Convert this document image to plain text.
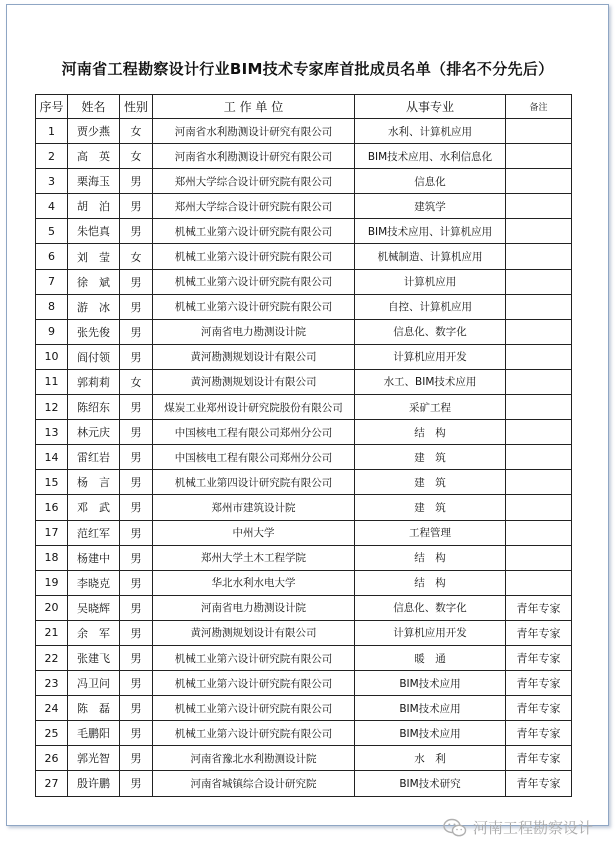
河南省工程勘察设计行业BIM技术专家库首批成员名单（排名不分先后）
序号	姓名	性别	工 作 单 位	从事专业	备注
1	贾少燕	女	河南省水利勘测设计研究有限公司	水利、计算机应用	
2	高　英	女	河南省水利勘测设计研究有限公司	BIM技术应用、水利信息化	
3	栗海玉	男	郑州大学综合设计研究院有限公司	信息化	
4	胡　泊	男	郑州大学综合设计研究院有限公司	建筑学	
5	朱恺真	男	机械工业第六设计研究院有限公司	BIM技术应用、计算机应用	
6	刘　莹	女	机械工业第六设计研究院有限公司	机械制造、计算机应用	
7	徐　斌	男	机械工业第六设计研究院有限公司	计算机应用	
8	游　冰	男	机械工业第六设计研究院有限公司	自控、计算机应用	
9	张先俊	男	河南省电力勘测设计院	信息化、数字化	
10	阎付领	男	黄河勘测规划设计有限公司	计算机应用开发	
11	郭莉莉	女	黄河勘测规划设计有限公司	水工、BIM技术应用	
12	陈绍东	男	煤炭工业郑州设计研究院股份有限公司	采矿工程	
13	林元庆	男	中国核电工程有限公司郑州分公司	结　构	
14	雷红岩	男	中国核电工程有限公司郑州分公司	建　筑	
15	杨　言	男	机械工业第四设计研究院有限公司	建　筑	
16	邓　武	男	郑州市建筑设计院	建　筑	
17	范红军	男	中州大学	工程管理	
18	杨建中	男	郑州大学土木工程学院	结　构	
19	李晓克	男	华北水利水电大学	结　构	
20	吴晓辉	男	河南省电力勘测设计院	信息化、数字化	青年专家
21	余　军	男	黄河勘测规划设计有限公司	计算机应用开发	青年专家
22	张建飞	男	机械工业第六设计研究院有限公司	暖　通	青年专家
23	冯卫问	男	机械工业第六设计研究院有限公司	BIM技术应用	青年专家
24	陈　磊	男	机械工业第六设计研究院有限公司	BIM技术应用	青年专家
25	毛鹏阳	男	机械工业第六设计研究院有限公司	BIM技术应用	青年专家
26	郭光智	男	河南省豫北水利勘测设计院	水　利	青年专家
27	殷许鹏	男	河南省城镇综合设计研究院	BIM技术研究	青年专家
河南工程勘察设计
